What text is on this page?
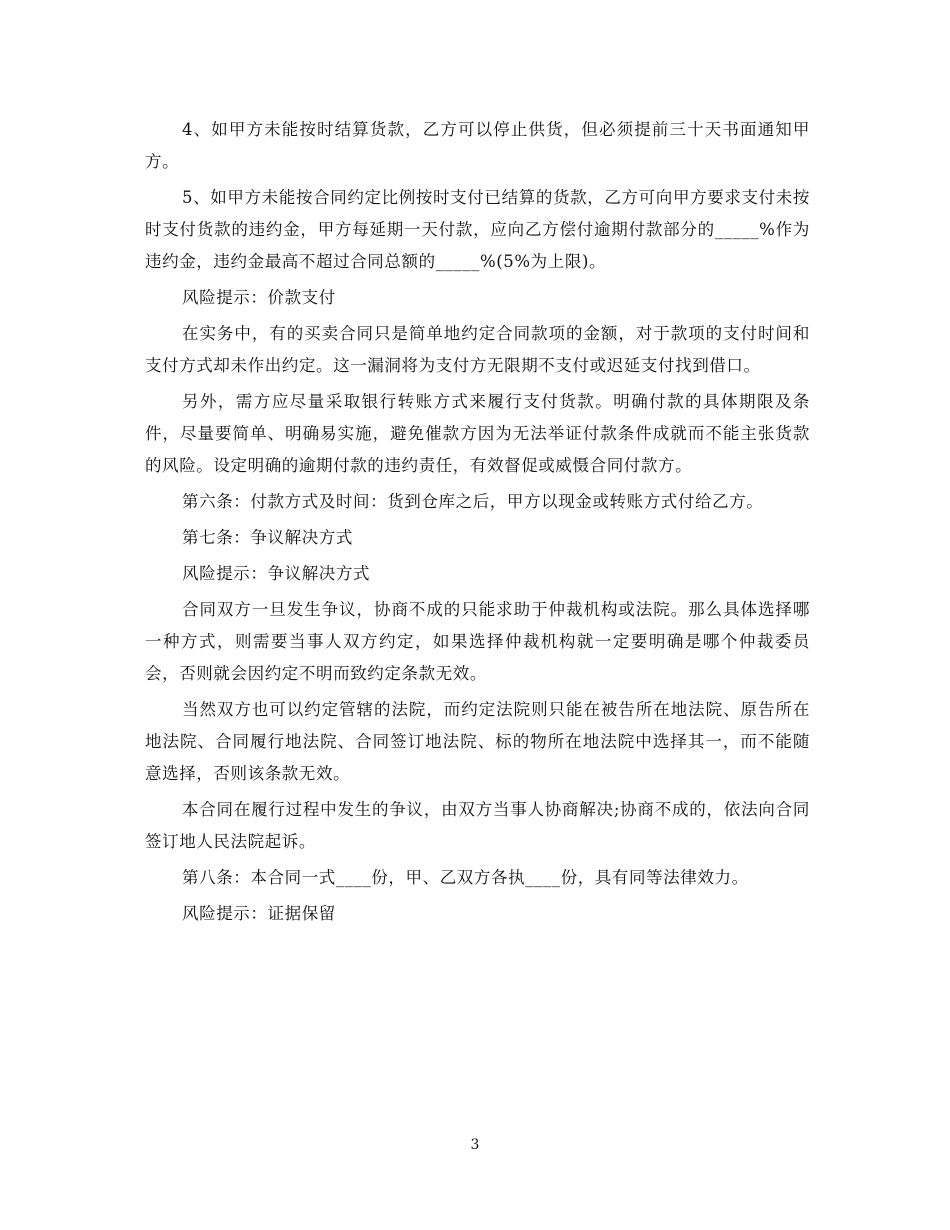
4、如甲方未能按时结算货款，乙方可以停止供货，但必须提前三十天书面通知甲方。

5、如甲方未能按合同约定比例按时支付已结算的货款，乙方可向甲方要求支付未按时支付货款的违约金，甲方每延期一天付款，应向乙方偿付逾期付款部分的_____%作为违约金，违约金最高不超过合同总额的_____%(5%为上限)。

风险提示：价款支付

在实务中，有的买卖合同只是简单地约定合同款项的金额，对于款项的支付时间和支付方式却未作出约定。这一漏洞将为支付方无限期不支付或迟延支付找到借口。

另外，需方应尽量采取银行转账方式来履行支付货款。明确付款的具体期限及条件，尽量要简单、明确易实施，避免催款方因为无法举证付款条件成就而不能主张货款的风险。设定明确的逾期付款的违约责任，有效督促或威慑合同付款方。

第六条：付款方式及时间：货到仓库之后，甲方以现金或转账方式付给乙方。

第七条：争议解决方式

风险提示：争议解决方式

合同双方一旦发生争议，协商不成的只能求助于仲裁机构或法院。那么具体选择哪一种方式，则需要当事人双方约定，如果选择仲裁机构就一定要明确是哪个仲裁委员会，否则就会因约定不明而致约定条款无效。

当然双方也可以约定管辖的法院，而约定法院则只能在被告所在地法院、原告所在地法院、合同履行地法院、合同签订地法院、标的物所在地法院中选择其一，而不能随意选择，否则该条款无效。

本合同在履行过程中发生的争议，由双方当事人协商解决;协商不成的，依法向合同签订地人民法院起诉。

第八条：本合同一式____份，甲、乙双方各执____份，具有同等法律效力。

风险提示：证据保留

3
